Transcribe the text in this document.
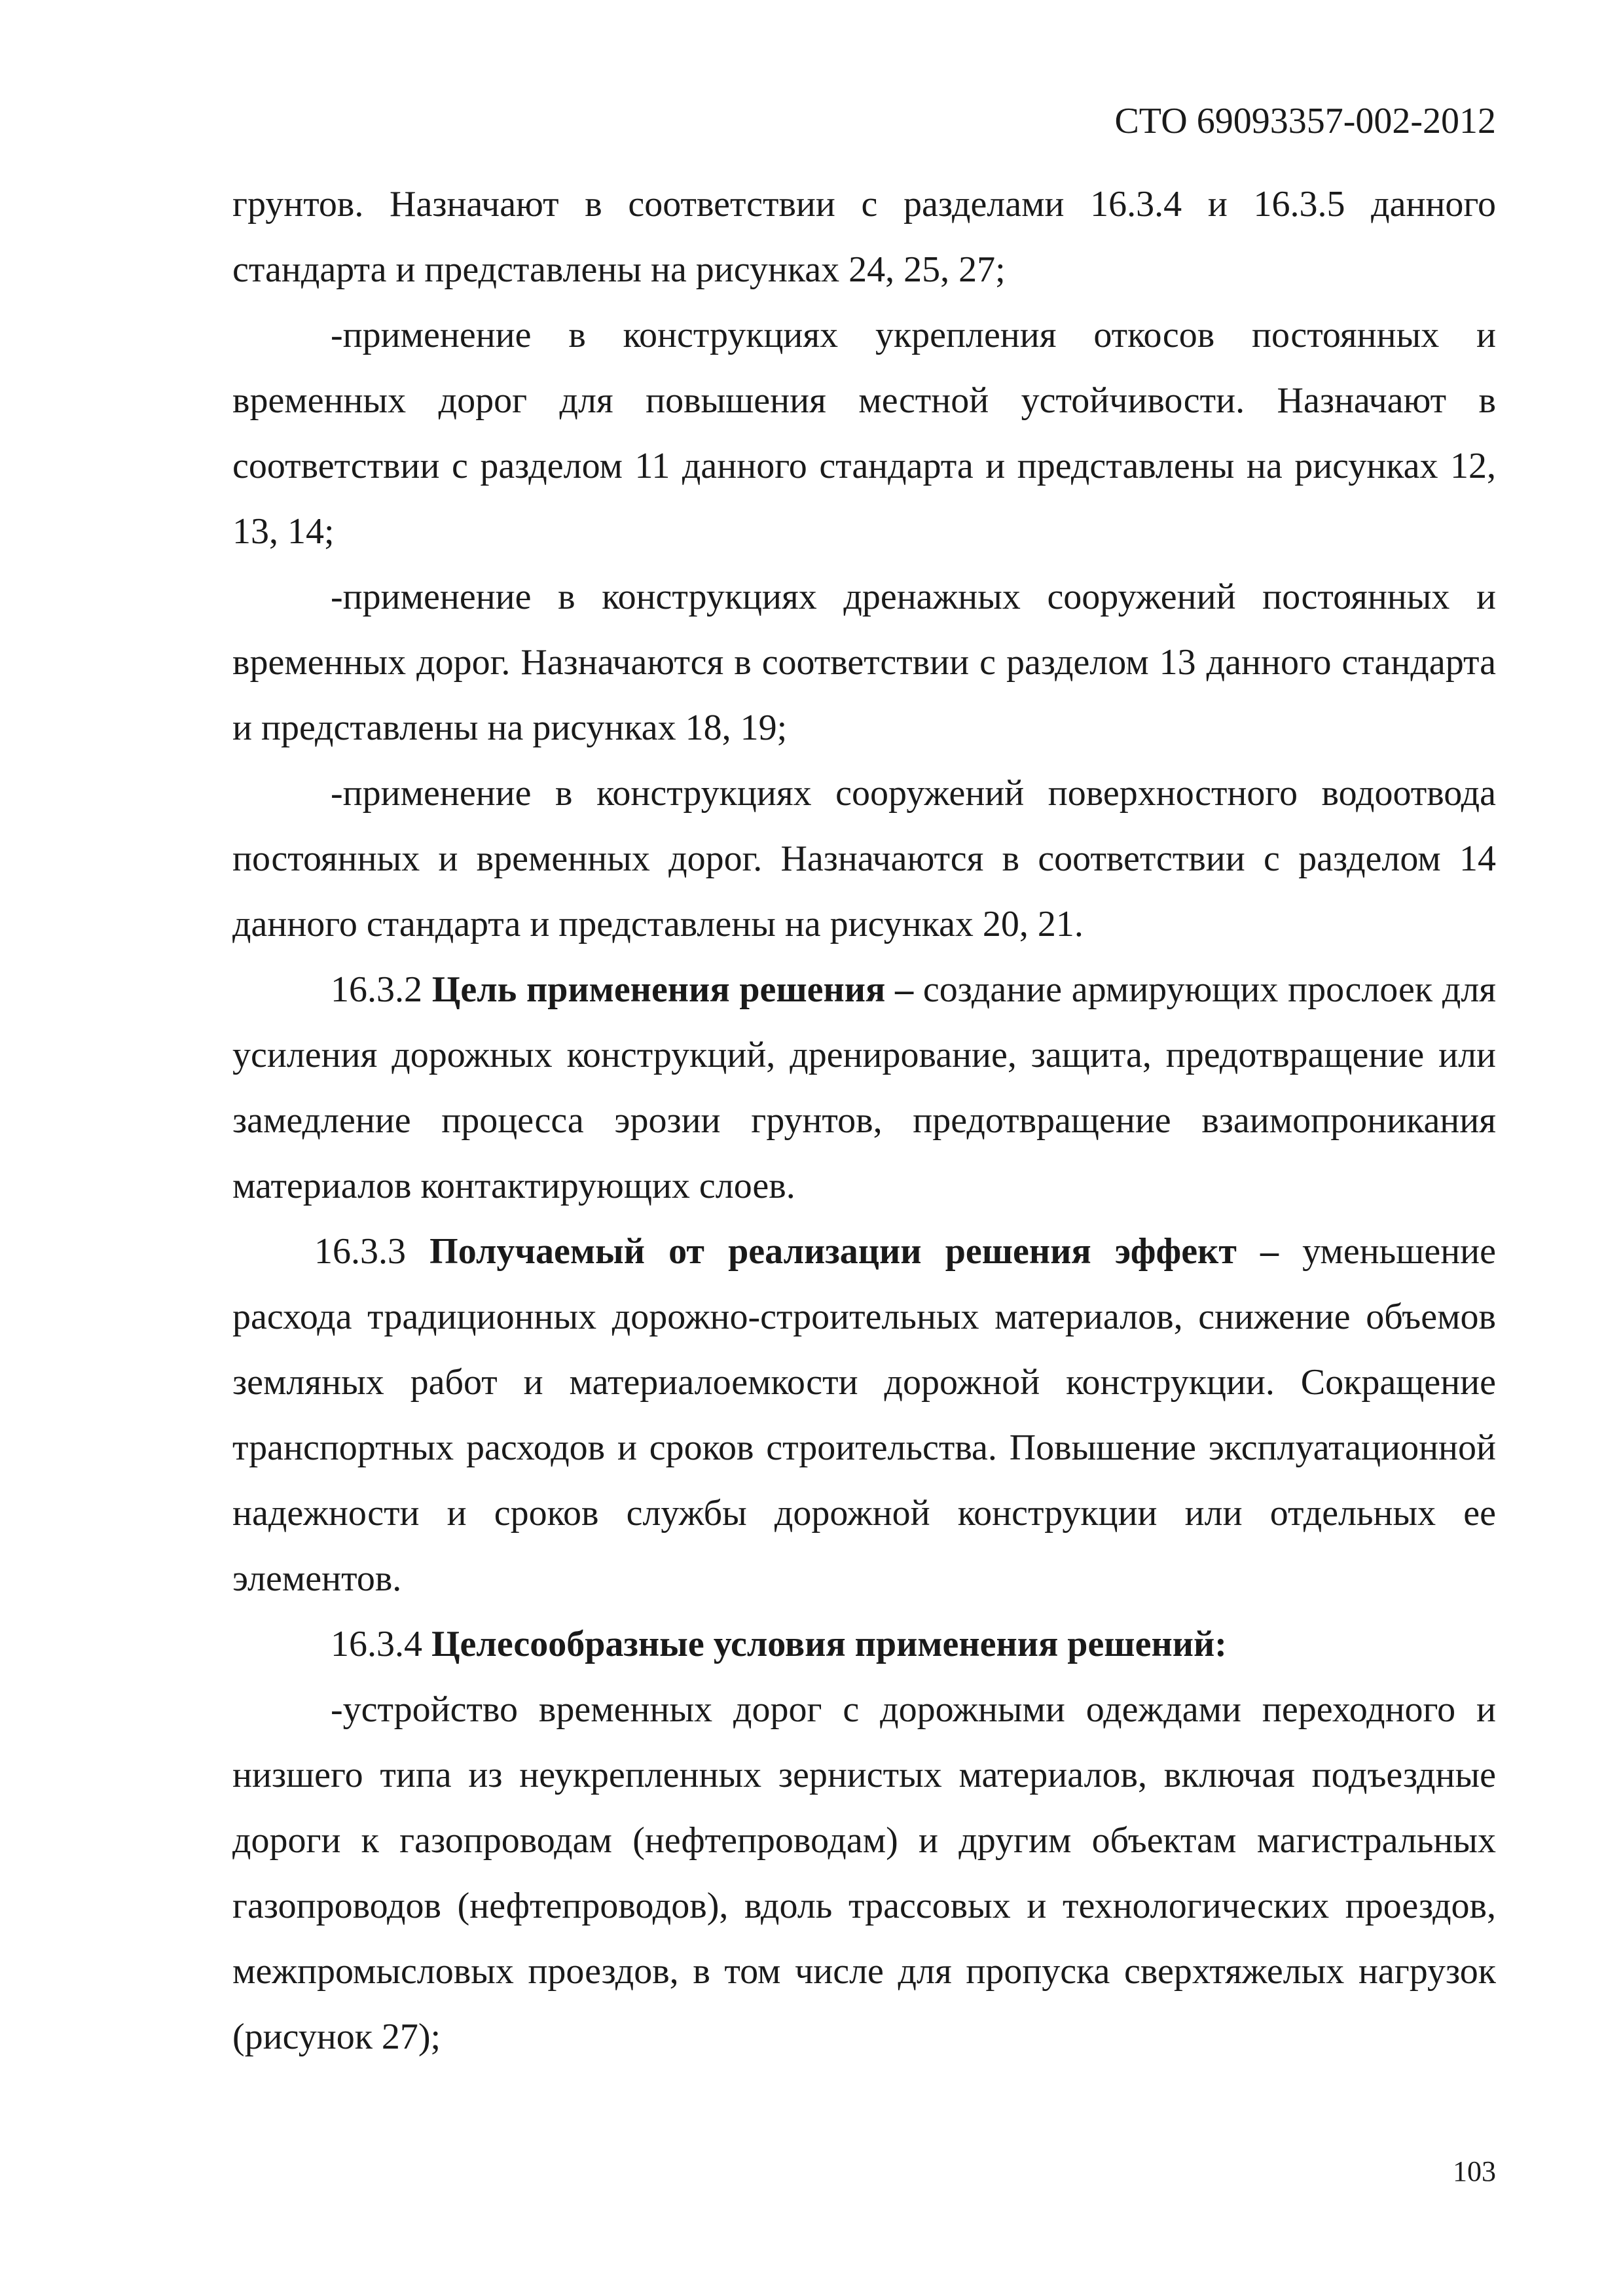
СТО 69093357-002-2012

грунтов. Назначают в соответствии с разделами 16.3.4 и 16.3.5 данного стандарта и представлены на рисунках 24, 25, 27;

-применение в конструкциях укрепления откосов постоянных и временных дорог для повышения местной устойчивости. Назначают в соответствии с разделом 11 данного стандарта и представлены на рисунках 12, 13, 14;

-применение в конструкциях дренажных сооружений постоянных и временных дорог. Назначаются в соответствии с разделом 13 данного стандарта и представлены на рисунках 18, 19;

-применение в конструкциях сооружений поверхностного водоотвода постоянных и временных дорог. Назначаются в соответствии с разделом 14 данного стандарта и представлены на рисунках 20, 21.

16.3.2 Цель применения решения – создание армирующих прослоек для усиления дорожных конструкций, дренирование, защита, предотвращение или замедление процесса эрозии грунтов, предотвращение взаимопроникания материалов контактирующих слоев.

16.3.3 Получаемый от реализации решения эффект – уменьшение расхода традиционных дорожно-строительных материалов, снижение объемов земляных работ и материалоемкости дорожной конструкции. Сокращение транспортных расходов и сроков строительства. Повышение эксплуатационной надежности и сроков службы дорожной конструкции или отдельных ее элементов.

16.3.4 Целесообразные условия применения решений:

-устройство временных дорог с дорожными одеждами переходного и низшего типа из неукрепленных зернистых материалов, включая подъездные дороги к газопроводам (нефтепроводам) и другим объектам магистральных газопроводов (нефтепроводов), вдоль трассовых и технологических проездов, межпромысловых проездов, в том числе для пропуска сверхтяжелых нагрузок (рисунок 27);

103
